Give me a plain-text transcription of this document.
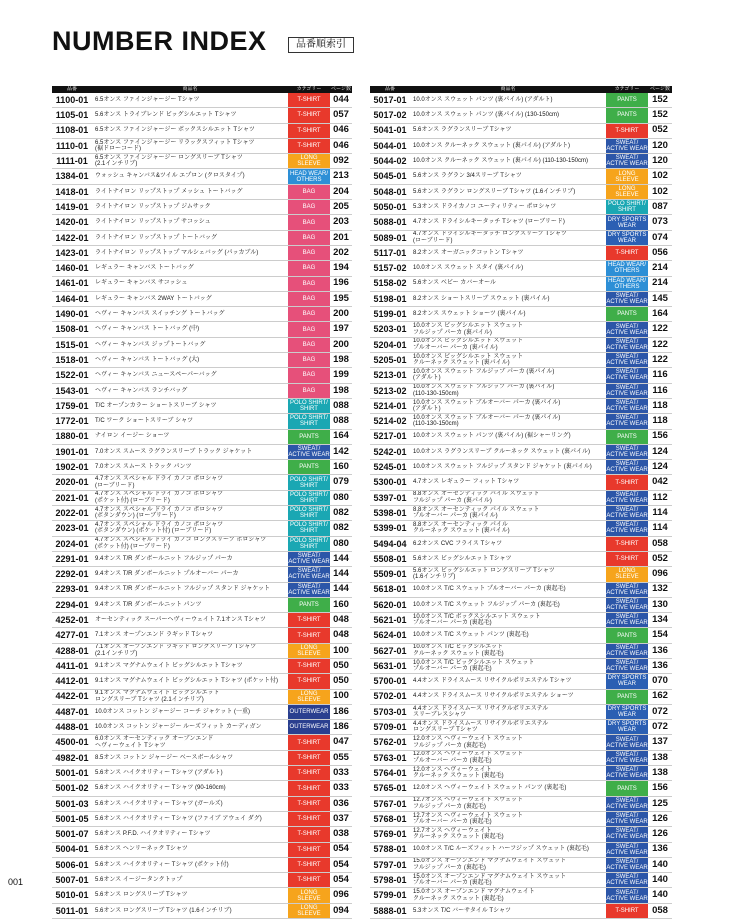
NUMBER INDEX	品番順索引
品番	商品名	カテゴリー	ページ数
1100-01	6.5オンス ファインジャージー Tシャツ	T-SHIRT	044
1105-01	5.6オンス トライブレンド ビッグシルエット Tシャツ	T-SHIRT	057
1108-01	6.5オンス ファインジャージー ボックスシルエット Tシャツ	T-SHIRT	046
1110-01	6.5オンス ファインジャージー リラックスフィット Tシャツ
(裾ドローコード)	T-SHIRT	046
1111-01	6.5オンス ファインジャージー ロングスリーブ Tシャツ
(2.1インチリブ)	LONG SLEEVE	092
1384-01	ウォッシュ キャンバス&ツイル エプロン (クロスタイプ)	HEAD WEAR/
OTHERS	213
1418-01	ライトナイロン リップストップ メッシュ トートバッグ	BAG	204
1419-01	ライトナイロン リップストップ ジムサック	BAG	205
1420-01	ライトナイロン リップストップ サコッシュ	BAG	203
1422-01	ライトナイロン リップストップ トートバッグ	BAG	201
1423-01	ライトナイロン リップストップ マルシェバッグ (パッカブル)	BAG	202
1460-01	レギュラー キャンバス トートバッグ	BAG	194
1461-01	レギュラー キャンバス サコッシュ	BAG	196
1464-01	レギュラー キャンバス 2WAY トートバッグ	BAG	195
1490-01	ヘヴィー キャンバス スイッチング トートバッグ	BAG	200
1508-01	ヘヴィー キャンバス トートバッグ (中)	BAG	197
1515-01	ヘヴィー キャンバス ジップトートバッグ	BAG	200
1518-01	ヘヴィー キャンバス トートバッグ (大)	BAG	198
1522-01	ヘヴィー キャンバス ニュースペーパーバッグ	BAG	199
1543-01	ヘヴィー キャンバス ランチバッグ	BAG	198
1759-01	T/C オープンカラー ショートスリーブ シャツ	POLO SHIRT/
SHIRT	088
1772-01	T/C ワーク ショートスリーブ シャツ	POLO SHIRT/
SHIRT	088
1880-01	ナイロン イージー ショーツ	PANTS	164
1901-01	7.0オンス スムース ラグランスリーブ トラック ジャケット	SWEAT/
ACTIVE WEAR	142
1902-01	7.0オンス スムース トラック パンツ	PANTS	160
2020-01	4.7オンス スペシャル ドライ カノコ ポロシャツ
(ローブリード)	POLO SHIRT/
SHIRT	079
2021-01	4.7オンス スペシャル ドライ カノコ ポロシャツ
(ポケット付) (ローブリード)	POLO SHIRT/
SHIRT	080
2022-01	4.7オンス スペシャル ドライ カノコ ポロシャツ
(ボタンダウン) (ローブリード)	POLO SHIRT/
SHIRT	082
2023-01	4.7オンス スペシャル ドライ カノコ ポロシャツ
(ボタンダウン) (ポケット付) (ローブリード)	POLO SHIRT/
SHIRT	082
2024-01	4.7オンス スペシャル ドライ カノコ ロングスリーブ ポロシャツ
(ポケット付) (ローブリード)	POLO SHIRT/
SHIRT	080
2291-01	9.4オンス T/R ダンボールニット フルジップ パーカ	SWEAT/
ACTIVE WEAR	144
2292-01	9.4オンス T/R ダンボールニット プルオーバー パーカ	SWEAT/
ACTIVE WEAR	144
2293-01	9.4オンス T/R ダンボールニット フルジップ スタンド ジャケット	SWEAT/
ACTIVE WEAR	144
2294-01	9.4オンス T/R ダンボールニット パンツ	PANTS	160
4252-01	オーセンティック スーパーヘヴィーウェイト 7.1オンス Tシャツ	T-SHIRT	048
4277-01	7.1オンス オープンエンド ラギッド Tシャツ	T-SHIRT	048
4288-01	7.1オンス オープンエンド ラギッド ロングスリーブ Tシャツ
(2.1インチリブ)	LONG SLEEVE	100
4411-01	9.1オンス マグナムウェイト ビッグシルエット Tシャツ	T-SHIRT	050
4412-01	9.1オンス マグナムウェイト ビッグシルエット Tシャツ (ポケット付)	T-SHIRT	050
4422-01	9.1オンス マグナムウェイト ビッグシルエット
ロングスリーブ Tシャツ (2.1インチリブ)	LONG SLEEVE	100
4487-01	10.0オンス コットン ジャージー コーチ ジャケット (一重)	OUTERWEAR	186
4488-01	10.0オンス コットン ジャージー ルーズフィット カーディガン	OUTERWEAR	186
4500-01	6.0オンス オーセンティック オープンエンド
ヘヴィーウェイト Tシャツ	T-SHIRT	047
4982-01	8.5オンス コットン ジャージー ベースボールシャツ	T-SHIRT	055
5001-01	5.6オンス ハイクオリティー Tシャツ (アダルト)	T-SHIRT	033
5001-02	5.6オンス ハイクオリティー Tシャツ (90-160cm)	T-SHIRT	033
5001-03	5.6オンス ハイクオリティー Tシャツ (ガールズ)	T-SHIRT	036
5001-05	5.6オンス ハイクオリティー Tシャツ (ファイブ アウェイ ダグ)	T-SHIRT	037
5001-07	5.6オンス P.F.D. ハイクオリティー Tシャツ	T-SHIRT	038
5004-01	5.6オンス ヘンリーネック Tシャツ	T-SHIRT	054
5006-01	5.6オンス ハイクオリティー Tシャツ (ポケット付)	T-SHIRT	054
5007-01	5.6オンス イージータンクトップ	T-SHIRT	054
5010-01	5.6オンス ロングスリーブ Tシャツ	LONG SLEEVE	096
5011-01	5.6オンス ロングスリーブ Tシャツ (1.6インチリブ)	LONG SLEEVE	094
品番	商品名	カテゴリー	ページ数
5017-01	10.0オンス スウェット パンツ (裏パイル) (アダルト)	PANTS	152
5017-02	10.0オンス スウェット パンツ (裏パイル) (130-150cm)	PANTS	152
5041-01	5.6オンス ラグランスリーブ Tシャツ	T-SHIRT	052
5044-01	10.0オンス クルーネック スウェット (裏パイル) (アダルト)	SWEAT/
ACTIVE WEAR	120
5044-02	10.0オンス クルーネック スウェット (裏パイル) (110-130-150cm)	SWEAT/
ACTIVE WEAR	120
5045-01	5.6オンス ラグラン 3/4スリーブ Tシャツ	LONG SLEEVE	102
5048-01	5.6オンス ラグラン ロングスリーブ Tシャツ (1.6インチリブ)	LONG SLEEVE	102
5050-01	5.3オンス ドライカノコ ユーティリティー ポロシャツ	POLO SHIRT/
SHIRT	087
5088-01	4.7オンス ドライシルキータッチ Tシャツ (ローブリード)	DRY SPORTS WEAR	073
5089-01	4.7オンス ドライシルキータッチ ロングスリーブ Tシャツ
(ローブリード)	DRY SPORTS WEAR	074
5117-01	8.2オンス オーガニックコットン Tシャツ	T-SHIRT	056
5157-02	10.0オンス スウェット スタイ (裏パイル)	HEAD WEAR/
OTHERS	214
5158-02	5.6オンス ベビー カバーオール	HEAD WEAR/
OTHERS	214
5198-01	8.2オンス ショートスリーブ スウェット (裏パイル)	SWEAT/
ACTIVE WEAR	145
5199-01	8.2オンス スウェット ショーツ (裏パイル)	PANTS	164
5203-01	10.0オンス ビッグシルエット スウェット
フルジップ パーカ (裏パイル)	SWEAT/
ACTIVE WEAR	122
5204-01	10.0オンス ビッグシルエット スウェット
プルオーバー パーカ (裏パイル)	SWEAT/
ACTIVE WEAR	122
5205-01	10.0オンス ビッグシルエット スウェット
クルーネック スウェット (裏パイル)	SWEAT/
ACTIVE WEAR	122
5213-01	10.0オンス スウェット フルジップ パーカ (裏パイル)
(アダルト)	SWEAT/
ACTIVE WEAR	116
5213-02	10.0オンス スウェット フルジップ パーカ (裏パイル)
(110-130-150cm)	SWEAT/
ACTIVE WEAR	116
5214-01	10.0オンス スウェット プルオーバー パーカ (裏パイル)
(アダルト)	SWEAT/
ACTIVE WEAR	118
5214-02	10.0オンス スウェット プルオーバー パーカ (裏パイル)
(110-130-150cm)	SWEAT/
ACTIVE WEAR	118
5217-01	10.0オンス スウェット パンツ (裏パイル) (裾シャーリング)	PANTS	156
5242-01	10.0オンス ラグランスリーブ クルーネック スウェット (裏パイル)	SWEAT/
ACTIVE WEAR	124
5245-01	10.0オンス スウェット フルジップ スタンド ジャケット (裏パイル)	SWEAT/
ACTIVE WEAR	124
5300-01	4.7オンス レギュラー フィット Tシャツ	T-SHIRT	042
5397-01	8.8オンス オーセンティック パイル スウェット
フルジップ パーカ (裏パイル)	SWEAT/
ACTIVE WEAR	112
5398-01	8.8オンス オーセンティック パイル スウェット
プルオーバー パーカ (裏パイル)	SWEAT/
ACTIVE WEAR	114
5399-01	8.8オンス オーセンティック パイル
クルーネック スウェット (裏パイル)	SWEAT/
ACTIVE WEAR	114
5494-04	6.2オンス CVC フライス Tシャツ	T-SHIRT	058
5508-01	5.6オンス ビッグシルエット Tシャツ	T-SHIRT	052
5509-01	5.6オンス ビッグシルエット ロングスリーブ Tシャツ
(1.6インチリブ)	LONG SLEEVE	096
5618-01	10.0オンス T/C スウェット プルオーバー パーカ (裏起毛)	SWEAT/
ACTIVE WEAR	132
5620-01	10.0オンス T/C スウェット フルジップ パーカ (裏起毛)	SWEAT/
ACTIVE WEAR	130
5621-01	10.0オンス T/C ボックスシルエット スウェット
プルオーバー パーカ (裏起毛)	SWEAT/
ACTIVE WEAR	134
5624-01	10.0オンス T/C スウェット パンツ (裏起毛)	PANTS	154
5627-01	10.0オンス T/C ビッグシルエット
クルーネック スウェット (裏起毛)	SWEAT/
ACTIVE WEAR	136
5631-01	10.0オンス T/C ビッグシルエット スウェット
プルオーバー パーカ (裏起毛)	SWEAT/
ACTIVE WEAR	136
5700-01	4.4オンス ドライスムース リサイクルポリエステル Tシャツ	DRY SPORTS WEAR	070
5702-01	4.4オンス ドライスムース リサイクルポリエステル ショーツ	PANTS	162
5703-01	4.4オンス ドライスムース リサイクルポリエステル
スリーブレスシャツ	DRY SPORTS WEAR	072
5709-01	4.4オンス ドライスムース リサイクルポリエステル
ロングスリーブ Tシャツ	DRY SPORTS WEAR	072
5762-01	12.0オンス ヘヴィーウェイト スウェット
フルジップ パーカ (裏起毛)	SWEAT/
ACTIVE WEAR	137
5763-01	12.0オンス ヘヴィーウェイト スウェット
プルオーバー パーカ (裏起毛)	SWEAT/
ACTIVE WEAR	138
5764-01	12.0オンス ヘヴィーウェイト
クルーネック スウェット (裏起毛)	SWEAT/
ACTIVE WEAR	138
5765-01	12.0オンス ヘヴィーウェイト スウェット パンツ (裏起毛)	PANTS	156
5767-01	12.7オンス ヘヴィーウェイト スウェット
フルジップ パーカ (裏起毛)	SWEAT/
ACTIVE WEAR	125
5768-01	12.7オンス ヘヴィーウェイト スウェット
プルオーバー パーカ (裏起毛)	SWEAT/
ACTIVE WEAR	126
5769-01	12.7オンス ヘヴィーウェイト
クルーネック スウェット (裏起毛)	SWEAT/
ACTIVE WEAR	126
5788-01	10.0オンス T/C ルーズフィット ハーフジップ スウェット (裏起毛)	SWEAT/
ACTIVE WEAR	136
5797-01	15.0オンス オープンエンド マグナムウェイト スウェット
フルジップ パーカ (裏起毛)	SWEAT/
ACTIVE WEAR	140
5798-01	15.0オンス オープンエンド マグナムウェイト スウェット
プルオーバー パーカ (裏起毛)	SWEAT/
ACTIVE WEAR	140
5799-01	15.0オンス オープンエンド マグナムウェイト
クルーネック スウェット (裏起毛)	SWEAT/
ACTIVE WEAR	140
5888-01	5.3オンス T/C バーサタイル Tシャツ	T-SHIRT	058
001
